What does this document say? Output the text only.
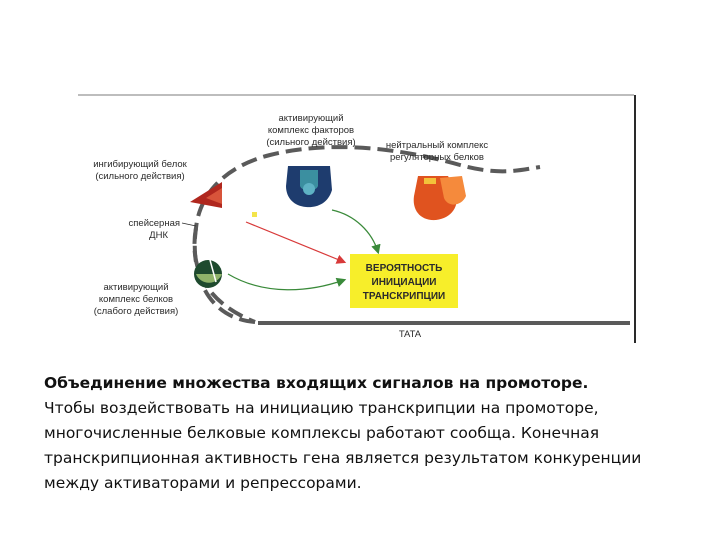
ВЕРОЯТНОСТЬ
ИНИЦИАЦИИ
ТРАНСКРИПЦИИ
активирующий
комплекс факторов
(сильного действия)	нейтральный комплекс
регуляторных белков
ингибирующий белок
(сильного действия)
спейсерная
ДНК
активирующий
комплекс белков
(слабого действия)
TATA
Объединение множества входящих сигналов на промоторе.
Чтобы воздействовать на инициацию транскрипции на промоторе, многочисленные белковые комплексы работают сообща. Конечная транскрипционная активность гена является результатом конкуренции между активаторами и репрессорами.
